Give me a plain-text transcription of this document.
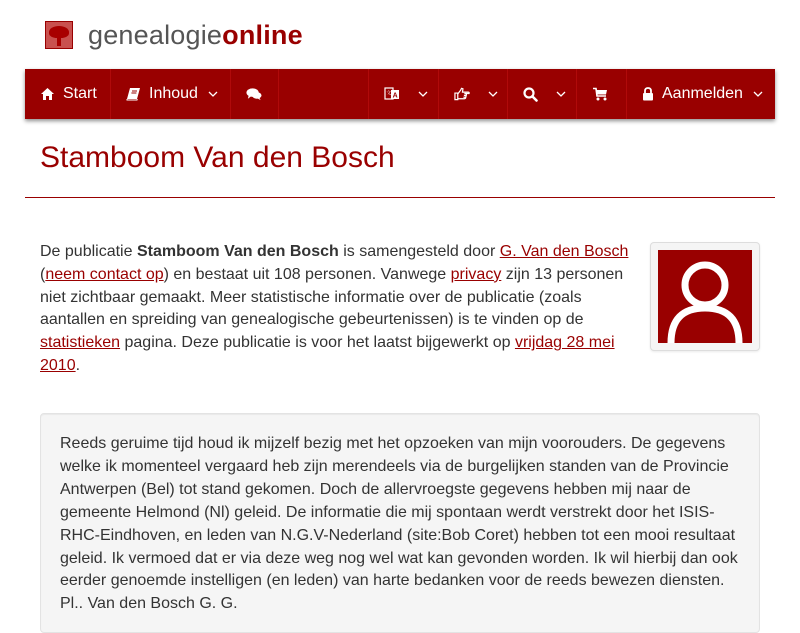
genealogieonline
Start	Inhoud	A
文	Aanmelden
Stamboom Van den Bosch

De publicatie Stamboom Van den Bosch is samengesteld door G. Van den Bosch
(neem contact op) en bestaat uit 108 personen. Vanwege privacy zijn 13 personen niet zichtbaar gemaakt. Meer statistische informatie over de publicatie (zoals aantallen en spreiding van genealogische gebeurtenissen) is te vinden op de statistieken pagina. Deze publicatie is voor het laatst bijgewerkt op vrijdag 28 mei 2010.

Reeds geruime tijd houd ik mijzelf bezig met het opzoeken van mijn voorouders. De gegevens welke ik momenteel vergaard heb zijn merendeels via de burgelijken standen van de Provincie Antwerpen (Bel) tot stand gekomen. Doch de allervroegste gegevens hebben mij naar de gemeente Helmond (Nl) geleid. De informatie die mij spontaan werdt verstrekt door het ISIS-RHC-Eindhoven, en leden van N.G.V-Nederland (site:Bob Coret) hebben tot een mooi resultaat geleid. Ik vermoed dat er via deze weg nog wel wat kan gevonden worden. Ik wil hierbij dan ook eerder genoemde instelligen (en leden) van harte bedanken voor de reeds bewezen diensten.

Pl.. Van den Bosch G. G.
